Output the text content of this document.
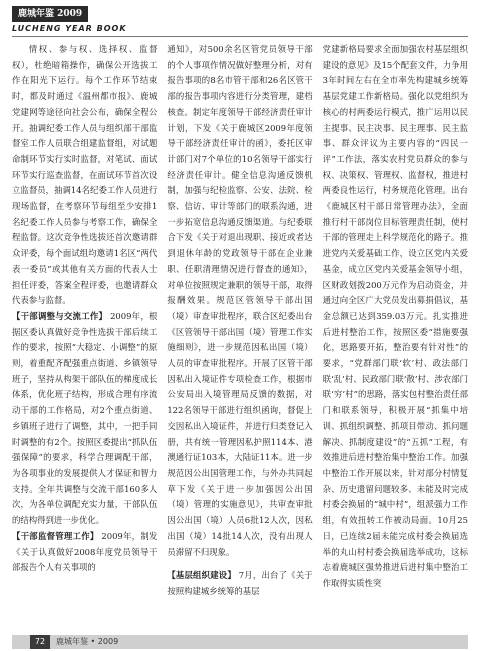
鹿城年鉴 2009
LUCHENG YEAR BOOK

情权、参与权、选择权、监督权），杜绝暗箱操作，确保公开选拔工作在阳光下运行。每个工作环节结束时，都及时通过《温州都市报》、鹿城党建网等途径向社会公布，确保全程公开。抽调纪委工作人员与组织部干部监督室工作人员联合组建监督组，对试题命制环节实行实时监督，对笔试、面试环节实行巡查监督，在面试环节首次设立监督员，抽调14名纪委工作人员进行现场监督，在考察环节每组至少安排1名纪委工作人员参与考察工作，确保全程监督。这次竞争性选拔还首次邀请群众评委，每个面试组均邀请1名区“两代表一委员”或其他有关方面的代表人士担任评委，答案全程评委，也邀请群众代表参与监督。

【干部调整与交流工作】 2009年，根据区委认真做好竞争性选拔干部后续工作的要求，按照“大稳定、小调整”的原则，着重配齐配强重点街道、乡镇领导班子，坚持从构架干部队伍的梯度成长体系，优化班子结构，形成合理有序流动干部的工作格局，对2个重点街道、乡镇班子进行了调整，其中，一把手同时调整的有2个。按照区委提出“抓队伍强保障”的要求，科学合理调配干部，为各项事业的发展提供人才保证和智力支持。全年共调整与交流干部160多人次，为各单位调配充实力量，干部队伍的结构得到进一步优化。

【干部监督管理工作】 2009年，制发《关于认真做好2008年度党员领导干部报告个人有关事项的

通知》，对500余名区管党员领导干部的个人事项作情况做好整理分析，对有报告事项的8名市管干部和26名区管干部的报告事项内容进行分类管理，建档核查。制定年度领导干部经济责任审计计划，下发《关于鹿城区2009年度领导干部经济责任审计的函》，委托区审计部门对7个单位的10名领导干部实行经济责任审计。健全信息沟通反馈机制，加强与纪检监察、公安、法院、检察、信访、审计等部门的联系沟通，进一步拓宽信息沟通反馈渠道。与纪委联合下发《关于对退出现职、接近或者达到退休年龄的党政领导干部在企业兼职、任职清理情况进行督查的通知》，对单位按照规定兼职的领导干部，取得报酬效果。规范区管领导干部出国（境）审查审批程序，联合区纪委出台《区管领导干部出国（境）管理工作实施细则》，进一步规范因私出国（境）人员的审查审批程序。开展了区管干部因私出入境证件专项检查工作，根据市公安局出入境管理局反馈的数据，对122名领导干部进行组织函询，督促上交因私出入境证件，并进行归类登记入册，共有统一管理因私护照114本、港澳通行证103本，大陆证11本。进一步规范因公出国管理工作，与外办共同起草下发《关于进一步加强因公出国（境）管理的实施意见》，共审查审批因公出国（境）人员6批12人次，因私出国（境）14批14人次，没有出现人员滞留不归现象。

【基层组织建设】 7月，出台了《关于按照构建城乡统筹的基层

党建新格局要求全面加强农村基层组织建设的意见》及15个配套文件，力争用3年时间左右在全市率先构建城乡统筹基层党建工作新格局。强化以党组织为核心的村两委运行模式，推广运用以民主提事、民主决事、民主理事、民主监事、群众评议为主要内容的“四民一评”工作法，落实农村党员群众的参与权、决策权、管理权、监督权，推进村两委良性运行，村务规范化管理。出台《鹿城区村干部日常管理办法》，全面推行村干部岗位目标管理责任制，使村干部的管理走上科学规范化的路子。推进党内关爱基础工作，设立区党内关爱基金，成立区党内关爱基金领导小组，区财政划拨200万元作为启动资金，并通过向全区广大党员发出募捐倡议，基金总额已达到359.03万元。扎实推进后进村整治工作，按照区委“措施要强化，思路要开拓，整治要有针对性”的要求，“党群部门联‘软’村、政法部门联‘乱’村、民政部门联‘散’村、涉农部门联‘穷’村”的思路，落实包村整治责任部门和联系领导，积极开展“抓集中培训、抓组织调整、抓项目带动、抓问题解决、抓制度建设”的“五抓”工程，有效推进后进村整治集中整治工作。加强中整治工作开展以来，针对部分村情复杂、历史遗留问题较多、未能及时完成村委会换届的“城中村”，组派强力工作组，有效扭转工作被动局面。10月25日，已连续2届未能完成村委会换届选举的丸山村村委会换届选举成功，这标志着鹿城区强势推进后进村集中整治工作取得实质性突

72	鹿城年鉴 • 2009
